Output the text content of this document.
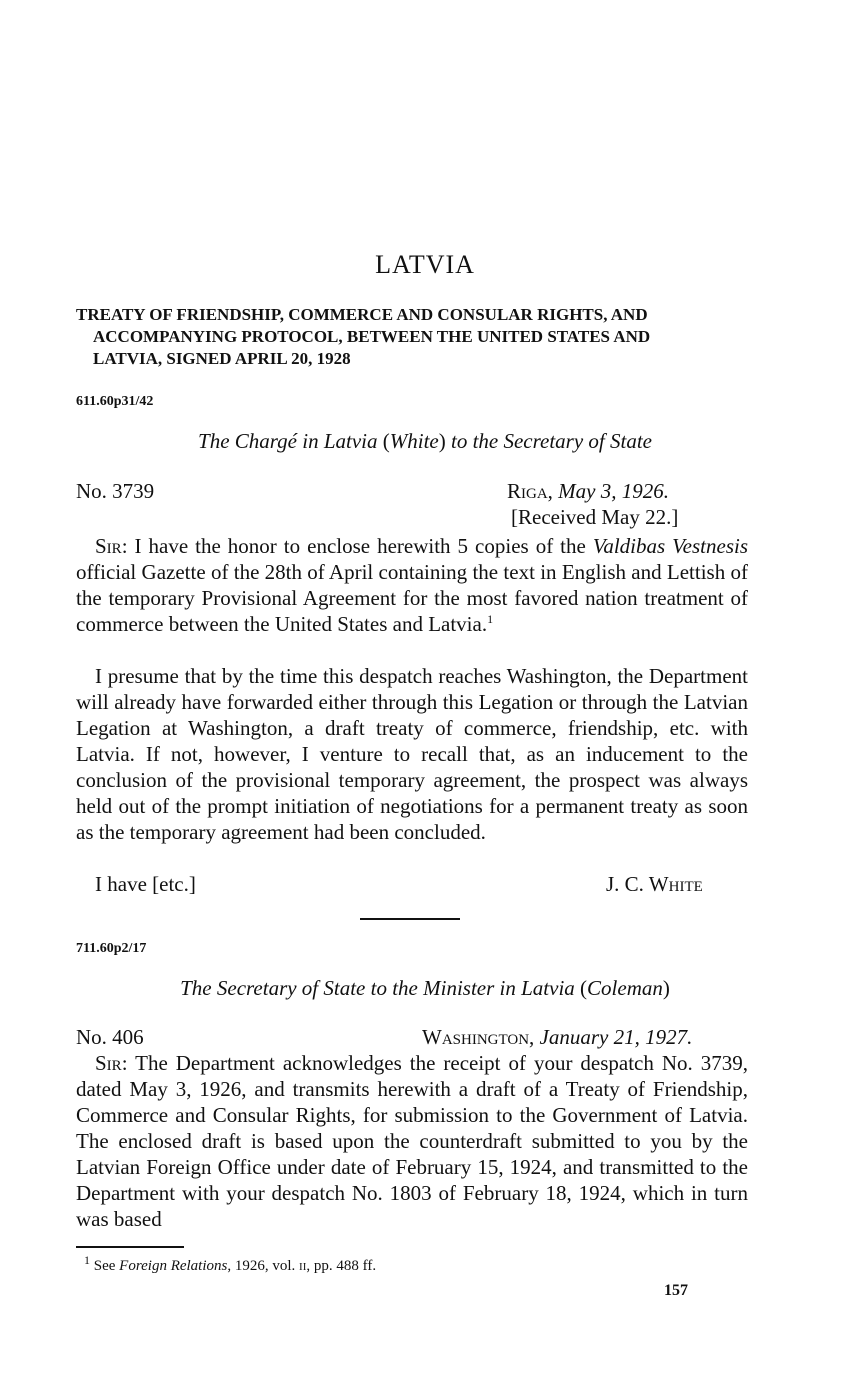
LATVIA
TREATY OF FRIENDSHIP, COMMERCE AND CONSULAR RIGHTS, AND
ACCOMPANYING PROTOCOL, BETWEEN THE UNITED STATES AND
LATVIA, SIGNED APRIL 20, 1928
611.60p31/42
The Chargé in Latvia (White) to the Secretary of State
No. 3739	Riga, May 3, 1926.
[Received May 22.]

Sir: I have the honor to enclose herewith 5 copies of the Valdibas Vestnesis official Gazette of the 28th of April containing the text in English and Lettish of the temporary Provisional Agreement for the most favored nation treatment of commerce between the United States and Latvia.$^1$

I presume that by the time this despatch reaches Washington, the Department will already have forwarded either through this Legation or through the Latvian Legation at Washington, a draft treaty of commerce, friendship, etc. with Latvia. If not, however, I venture to recall that, as an inducement to the conclusion of the provisional temporary agreement, the prospect was always held out of the prompt initiation of negotiations for a permanent treaty as soon as the temporary agreement had been concluded.

I have [etc.]	J. C. White
711.60p2/17
The Secretary of State to the Minister in Latvia (Coleman)
No. 406	Washington, January 21, 1927.

Sir: The Department acknowledges the receipt of your despatch No. 3739, dated May 3, 1926, and transmits herewith a draft of a Treaty of Friendship, Commerce and Consular Rights, for submission to the Government of Latvia. The enclosed draft is based upon the counterdraft submitted to you by the Latvian Foreign Office under date of February 15, 1924, and transmitted to the Department with your despatch No. 1803 of February 18, 1924, which in turn was based

$^1$ See Foreign Relations, 1926, vol. ii, pp. 488 ff.
157
